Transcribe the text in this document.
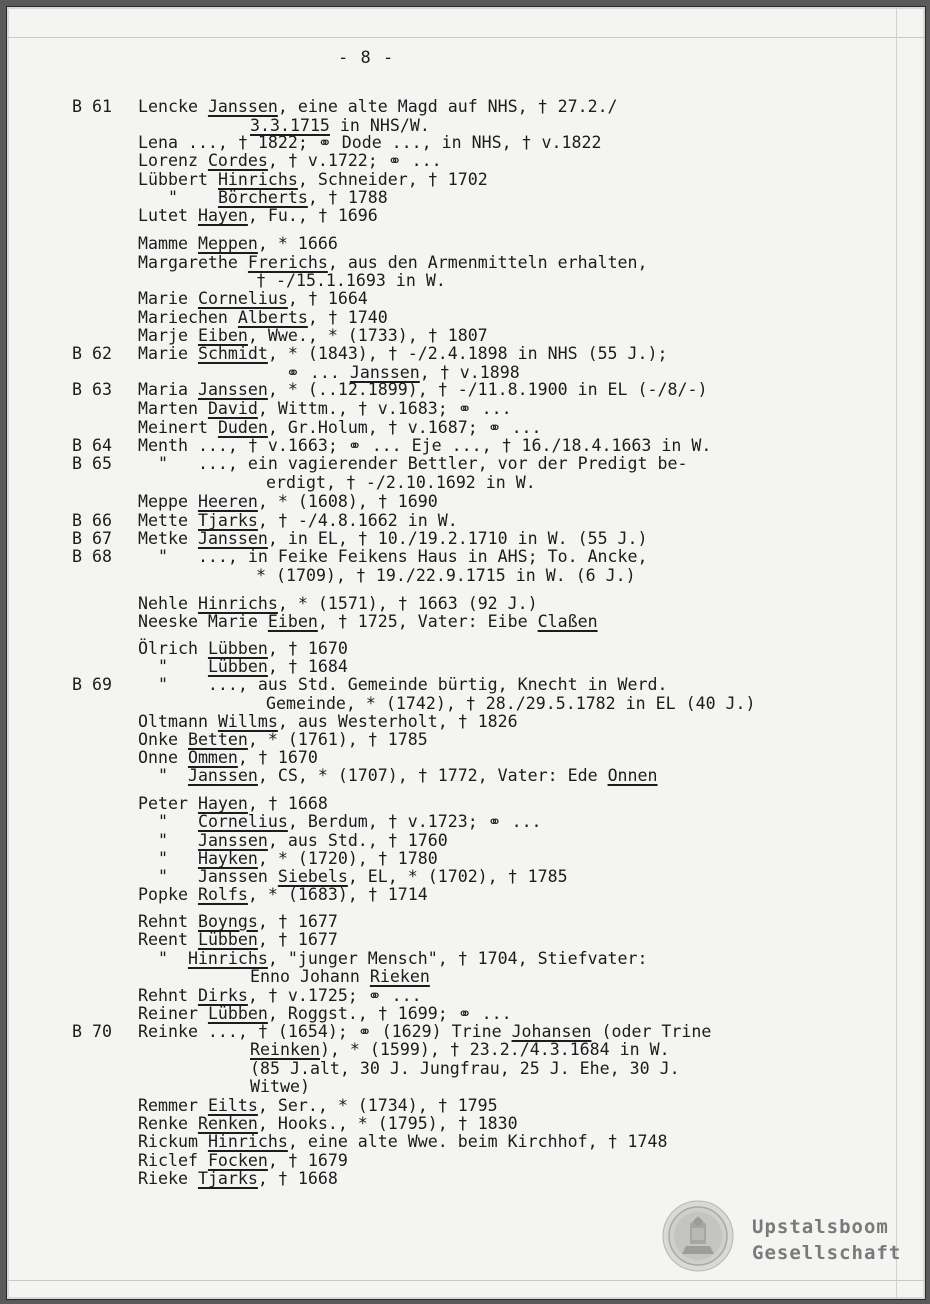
- 8 -
B 61 Lencke Janssen, eine alte Magd auf NHS, † 27.2./
3.3.1715 in NHS/W.
Lena ..., † 1822; ⚭ Dode ..., in NHS, † v.1822
Lorenz Cordes, † v.1722; ⚭ ...
Lübbert Hinrichs, Schneider, † 1702
"    Börcherts, † 1788
Lutet Hayen, Fu., † 1696
Mamme Meppen, * 1666
Margarethe Frerichs, aus den Armenmitteln erhalten,
† -/15.1.1693 in W.
Marie Cornelius, † 1664
Mariechen Alberts, † 1740
Marje Eiben, Wwe., * (1733), † 1807
B 62 Marie Schmidt, * (1843), † -/2.4.1898 in NHS (55 J.);
⚭ ... Janssen, † v.1898
B 63 Maria Janssen, * (..12.1899), † -/11.8.1900 in EL (-/8/-)
Marten David, Wittm., † v.1683; ⚭ ...
Meinert Duden, Gr.Holum, † v.1687; ⚭ ...
B 64 Menth ..., † v.1663; ⚭ ... Eje ..., † 16./18.4.1663 in W.
B 65 "   ..., ein vagierender Bettler, vor der Predigt be-
erdigt, † -/2.10.1692 in W.
Meppe Heeren, * (1608), † 1690
B 66 Mette Tjarks, † -/4.8.1662 in W.
B 67 Metke Janssen, in EL, † 10./19.2.1710 in W. (55 J.)
B 68 "   ..., in Feike Feikens Haus in AHS; To. Ancke,
* (1709), † 19./22.9.1715 in W. (6 J.)
Nehle Hinrichs, * (1571), † 1663 (92 J.)
Neeske Marie Eiben, † 1725, Vater: Eibe Claßen
Ölrich Lübben, † 1670
"    Lübben, † 1684
B 69 "    ..., aus Std. Gemeinde bürtig, Knecht in Werd.
Gemeinde, * (1742), † 28./29.5.1782 in EL (40 J.)
Oltmann Willms, aus Westerholt, † 1826
Onke Betten, * (1761), † 1785
Onne Ommen, † 1670
"  Janssen, CS, * (1707), † 1772, Vater: Ede Onnen
Peter Hayen, † 1668
"   Cornelius, Berdum, † v.1723; ⚭ ...
"   Janssen, aus Std., † 1760
"   Hayken, * (1720), † 1780
"   Janssen Siebels, EL, * (1702), † 1785
Popke Rolfs, * (1683), † 1714
Rehnt Boyngs, † 1677
Reent Lübben, † 1677
"  Hinrichs, "junger Mensch", † 1704, Stiefvater:
Enno Johann Rieken
Rehnt Dirks, † v.1725; ⚭ ...
Reiner Lübben, Roggst., † 1699; ⚭ ...
B 70 Reinke ..., † (1654); ⚭ (1629) Trine Johansen (oder Trine
Reinken), * (1599), † 23.2./4.3.1684 in W.
(85 J.alt, 30 J. Jungfrau, 25 J. Ehe, 30 J.
Witwe)
Remmer Eilts, Ser., * (1734), † 1795
Renke Renken, Hooks., * (1795), † 1830
Rickum Hinrichs, eine alte Wwe. beim Kirchhof, † 1748
Riclef Focken, † 1679
Rieke Tjarks, † 1668
Upstalsboom
Gesellschaft
